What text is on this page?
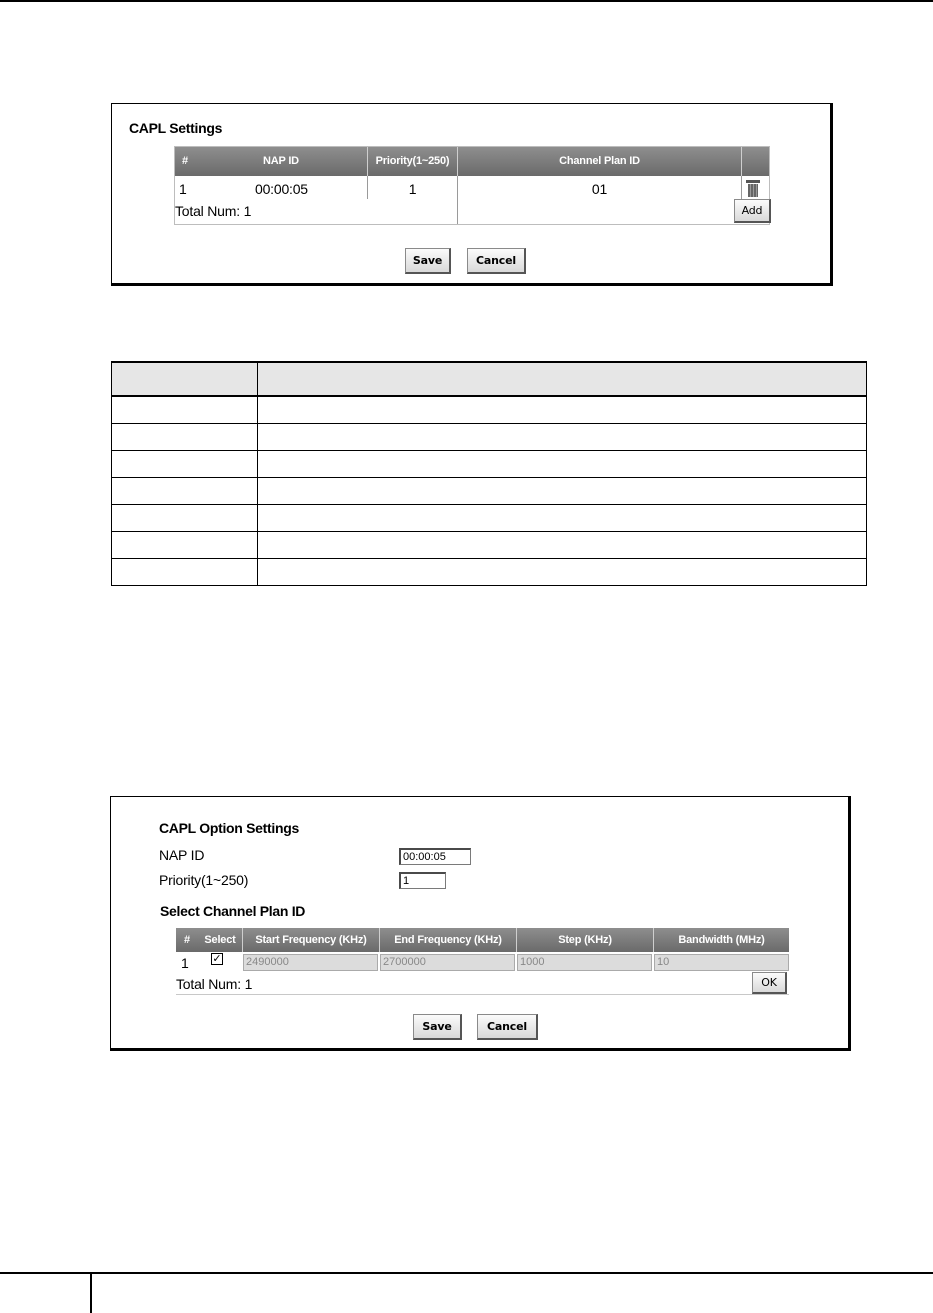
CAPL Settings
#	NAP ID	Priority(1~250)	Channel Plan ID
1	00:00:05	1	01
Total Num: 1	Add
Save	Cancel

CAPL Option Settings
NAP ID
00:00:05
Priority(1~250)
1
Select Channel Plan ID
#	Select	Start Frequency (KHz)	End Frequency (KHz)	Step (KHz)	Bandwidth (MHz)
1 ✓ 2490000	2700000	1000	10
Total Num: 1	OK
Save	Cancel
